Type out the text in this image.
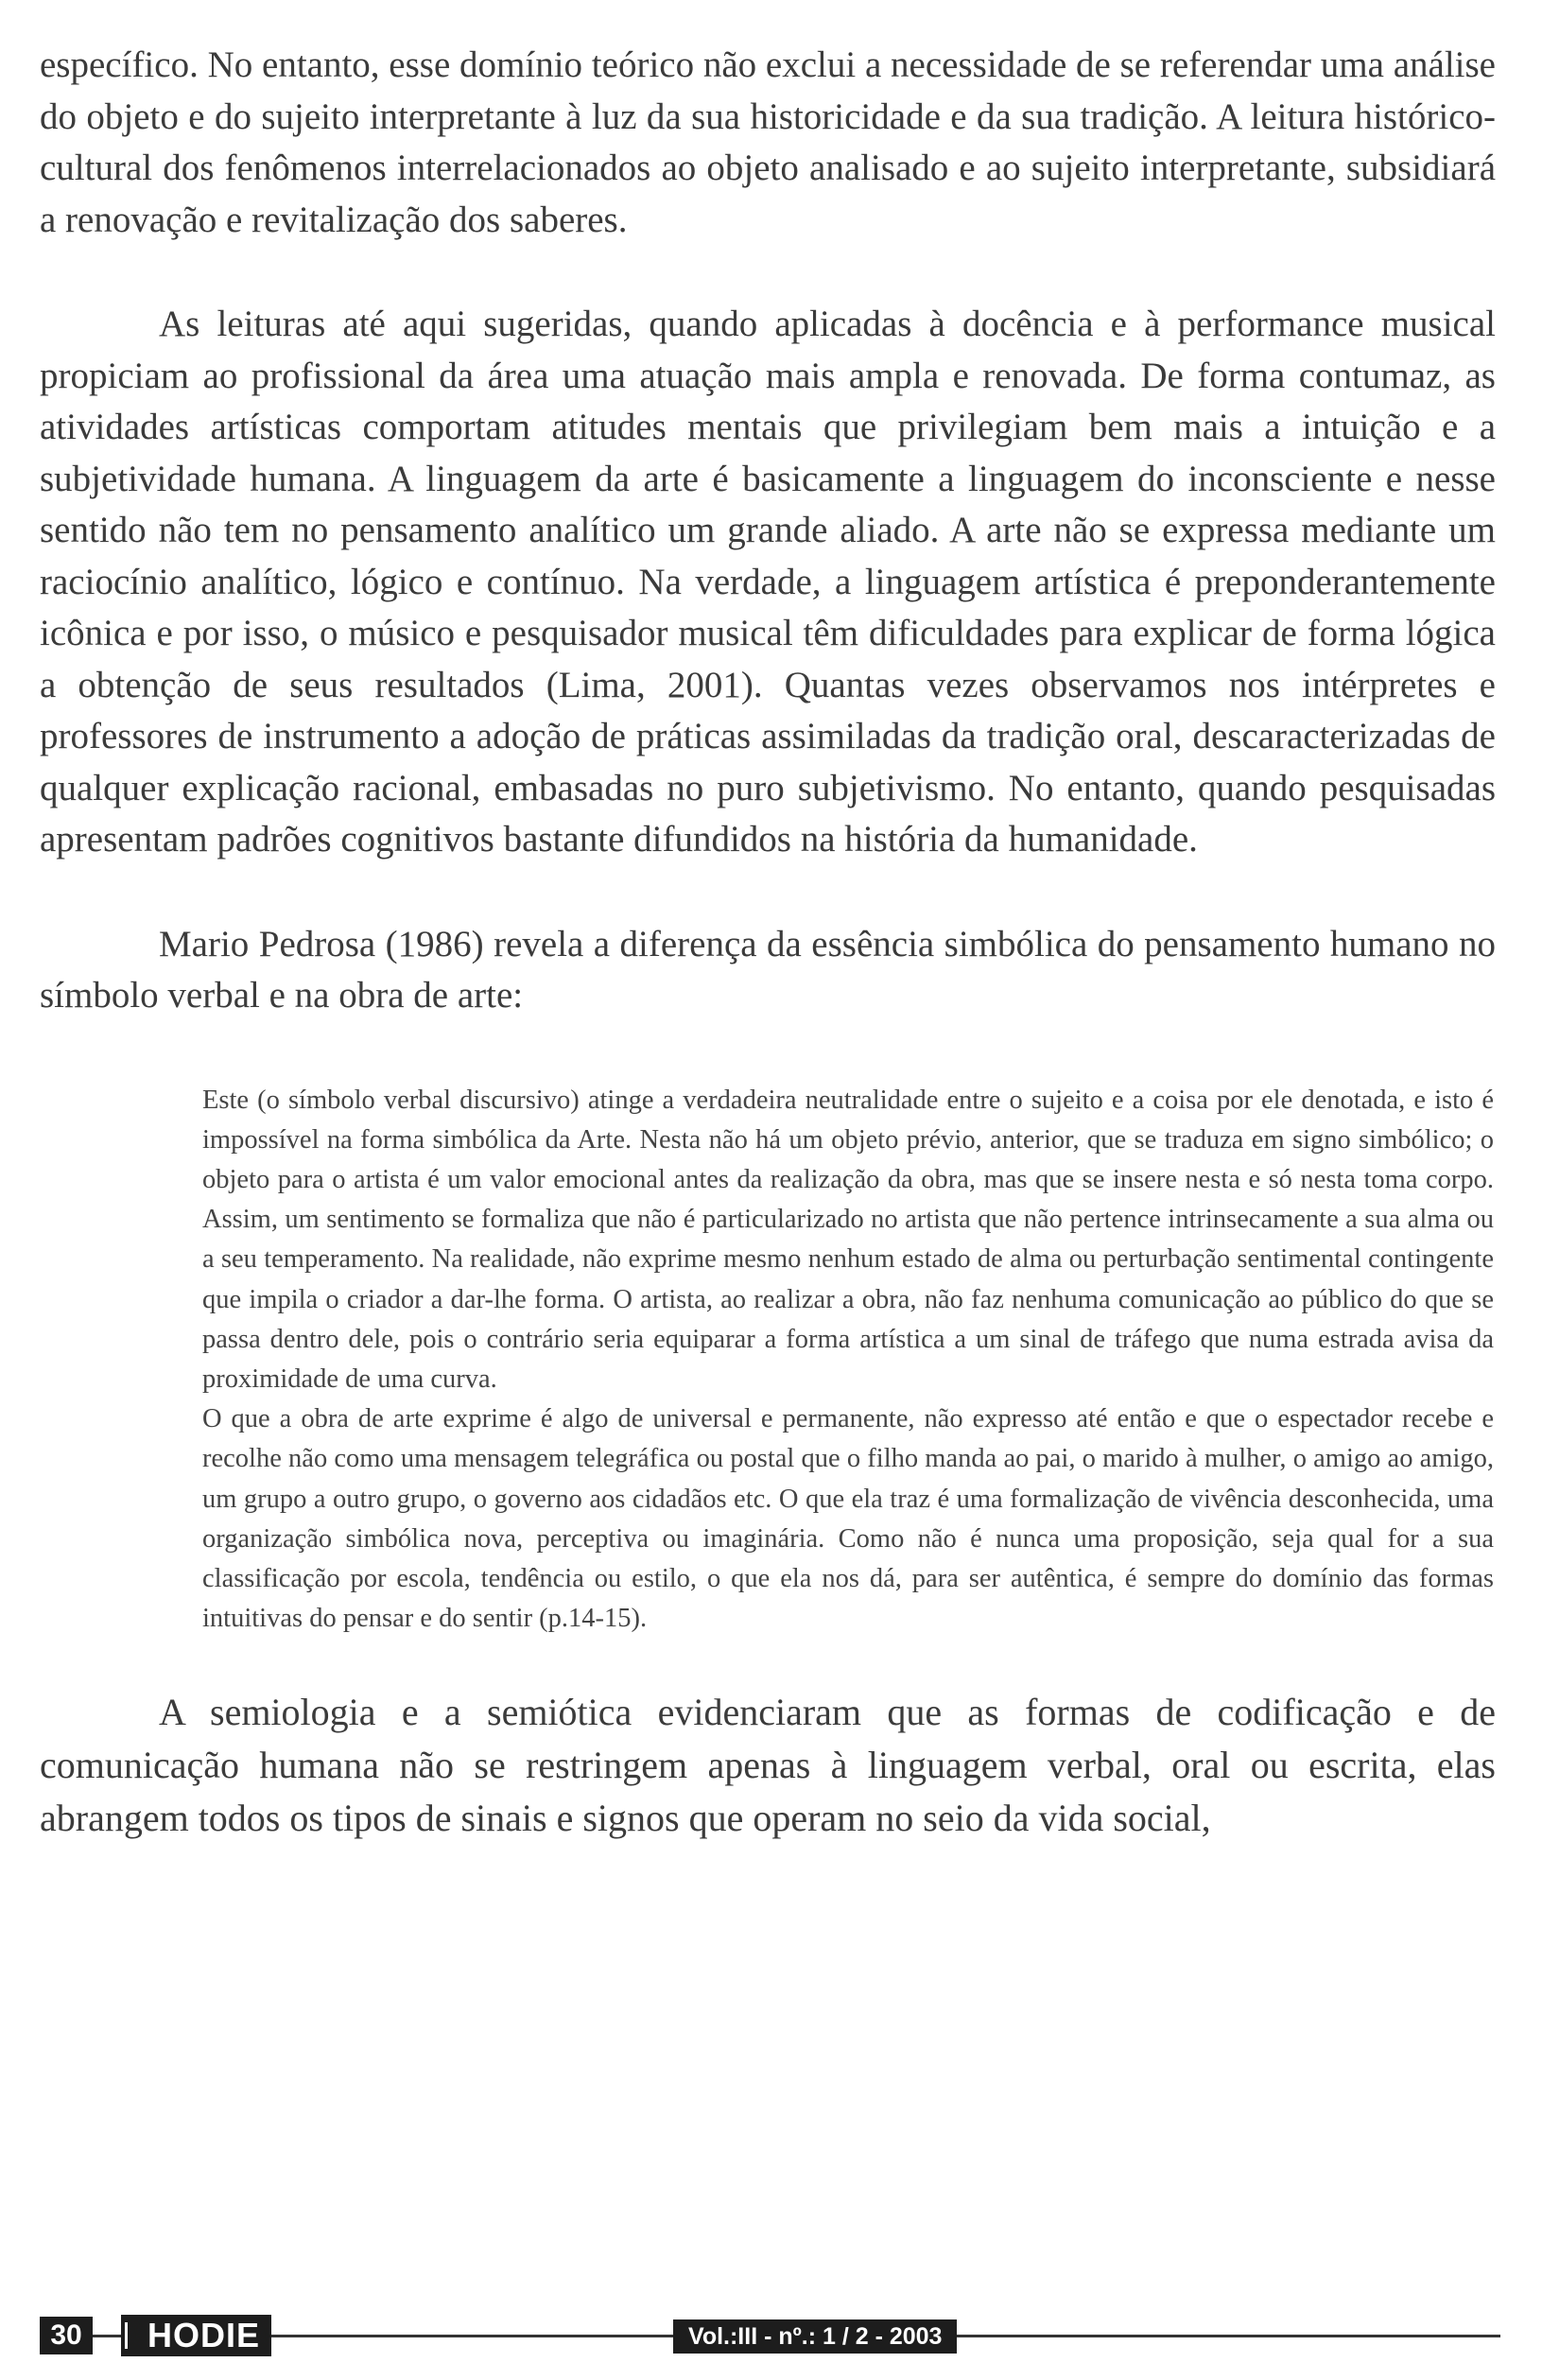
específico. No entanto, esse domínio teórico não exclui a necessidade de se referendar uma análise do objeto e do sujeito interpretante à luz da sua historicidade e da sua tradição. A leitura histórico-cultural dos fenômenos interrelacionados ao objeto analisado e ao sujeito interpretante, subsidiará a renovação e revitalização dos saberes.

As leituras até aqui sugeridas, quando aplicadas à docência e à performance musical propiciam ao profissional da área uma atuação mais ampla e renovada. De forma contumaz, as atividades artísticas comportam atitudes mentais que privilegiam bem mais a intuição e a subjetividade humana. A linguagem da arte é basicamente a linguagem do inconsciente e nesse sentido não tem no pensamento analítico um grande aliado. A arte não se expressa mediante um raciocínio analítico, lógico e contínuo. Na verdade, a linguagem artística é preponderantemente icônica e por isso, o músico e pesquisador musical têm dificuldades para explicar de forma lógica a obtenção de seus resultados (Lima, 2001). Quantas vezes observamos nos intérpretes e professores de instrumento a adoção de práticas assimiladas da tradição oral, descaracterizadas de qualquer explicação racional, embasadas no puro subjetivismo. No entanto, quando pesquisadas apresentam padrões cognitivos bastante difundidos na história da humanidade.

Mario Pedrosa (1986) revela a diferença da essência simbólica do pensamento humano no símbolo verbal e na obra de arte:

Este (o símbolo verbal discursivo) atinge a verdadeira neutralidade entre o sujeito e a coisa por ele denotada, e isto é impossível na forma simbólica da Arte. Nesta não há um objeto prévio, anterior, que se traduza em signo simbólico; o objeto para o artista é um valor emocional antes da realização da obra, mas que se insere nesta e só nesta toma corpo. Assim, um sentimento se formaliza que não é particularizado no artista que não pertence intrinsecamente a sua alma ou a seu temperamento. Na realidade, não exprime mesmo nenhum estado de alma ou perturbação sentimental contingente que impila o criador a dar-lhe forma. O artista, ao realizar a obra, não faz nenhuma comunicação ao público do que se passa dentro dele, pois o contrário seria equiparar a forma artística a um sinal de tráfego que numa estrada avisa da proximidade de uma curva.

O que a obra de arte exprime é algo de universal e permanente, não expresso até então e que o espectador recebe e recolhe não como uma mensagem telegráfica ou postal que o filho manda ao pai, o marido à mulher, o amigo ao amigo, um grupo a outro grupo, o governo aos cidadãos etc. O que ela traz é uma formalização de vivência desconhecida, uma organização simbólica nova, perceptiva ou imaginária. Como não é nunca uma proposição, seja qual for a sua classificação por escola, tendência ou estilo, o que ela nos dá, para ser autêntica, é sempre do domínio das formas intuitivas do pensar e do sentir (p.14-15).

A semiologia e a semiótica evidenciaram que as formas de codificação e de comunicação humana não se restringem apenas à linguagem verbal, oral ou escrita, elas abrangem todos os tipos de sinais e signos que operam no seio da vida social,

30	HODIE	Vol.:III - nº.: 1 / 2 - 2003
